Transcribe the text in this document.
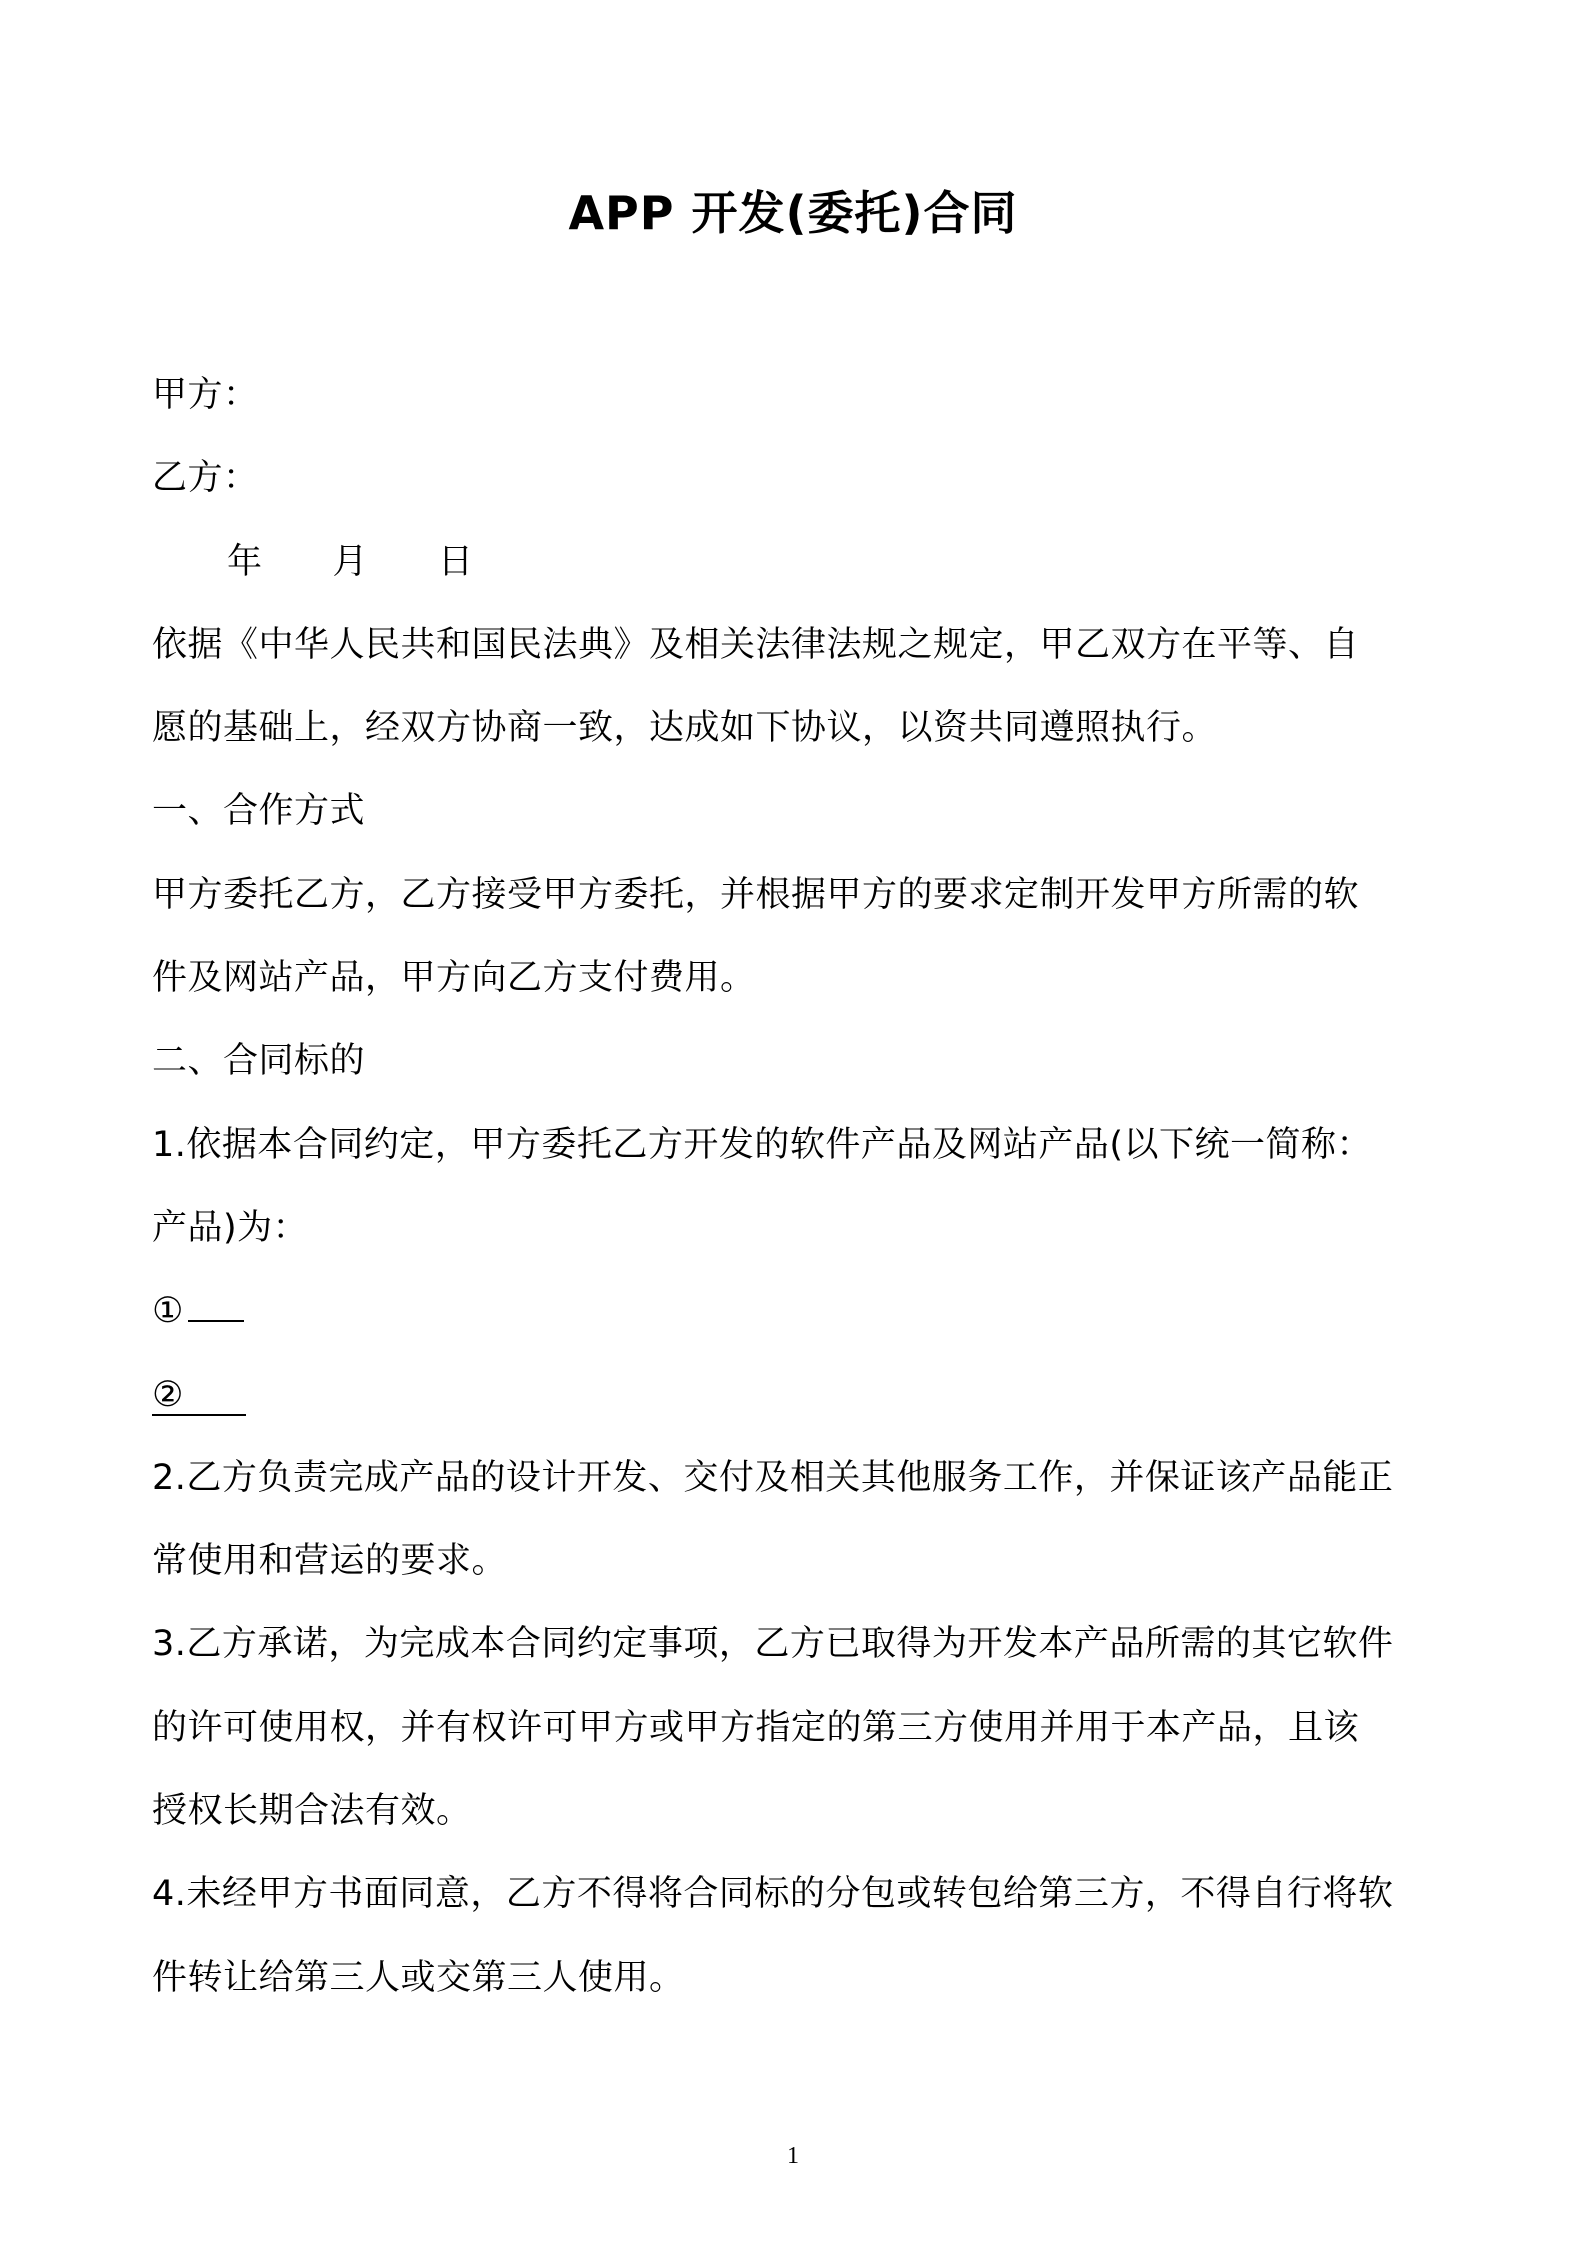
APP 开发(委托)合同
甲方：
乙方：
年 月 日
依据《中华人民共和国民法典》及相关法律法规之规定，甲乙双方在平等、自
愿的基础上，经双方协商一致，达成如下协议，以资共同遵照执行。
一、合作方式
甲方委托乙方，乙方接受甲方委托，并根据甲方的要求定制开发甲方所需的软
件及网站产品，甲方向乙方支付费用。
二、合同标的
1.依据本合同约定，甲方委托乙方开发的软件产品及网站产品(以下统一简称：
产品)为：
①
②
2.乙方负责完成产品的设计开发、交付及相关其他服务工作，并保证该产品能正
常使用和营运的要求。
3.乙方承诺，为完成本合同约定事项，乙方已取得为开发本产品所需的其它软件
的许可使用权，并有权许可甲方或甲方指定的第三方使用并用于本产品，且该
授权长期合法有效。
4.未经甲方书面同意，乙方不得将合同标的分包或转包给第三方，不得自行将软
件转让给第三人或交第三人使用。
1
